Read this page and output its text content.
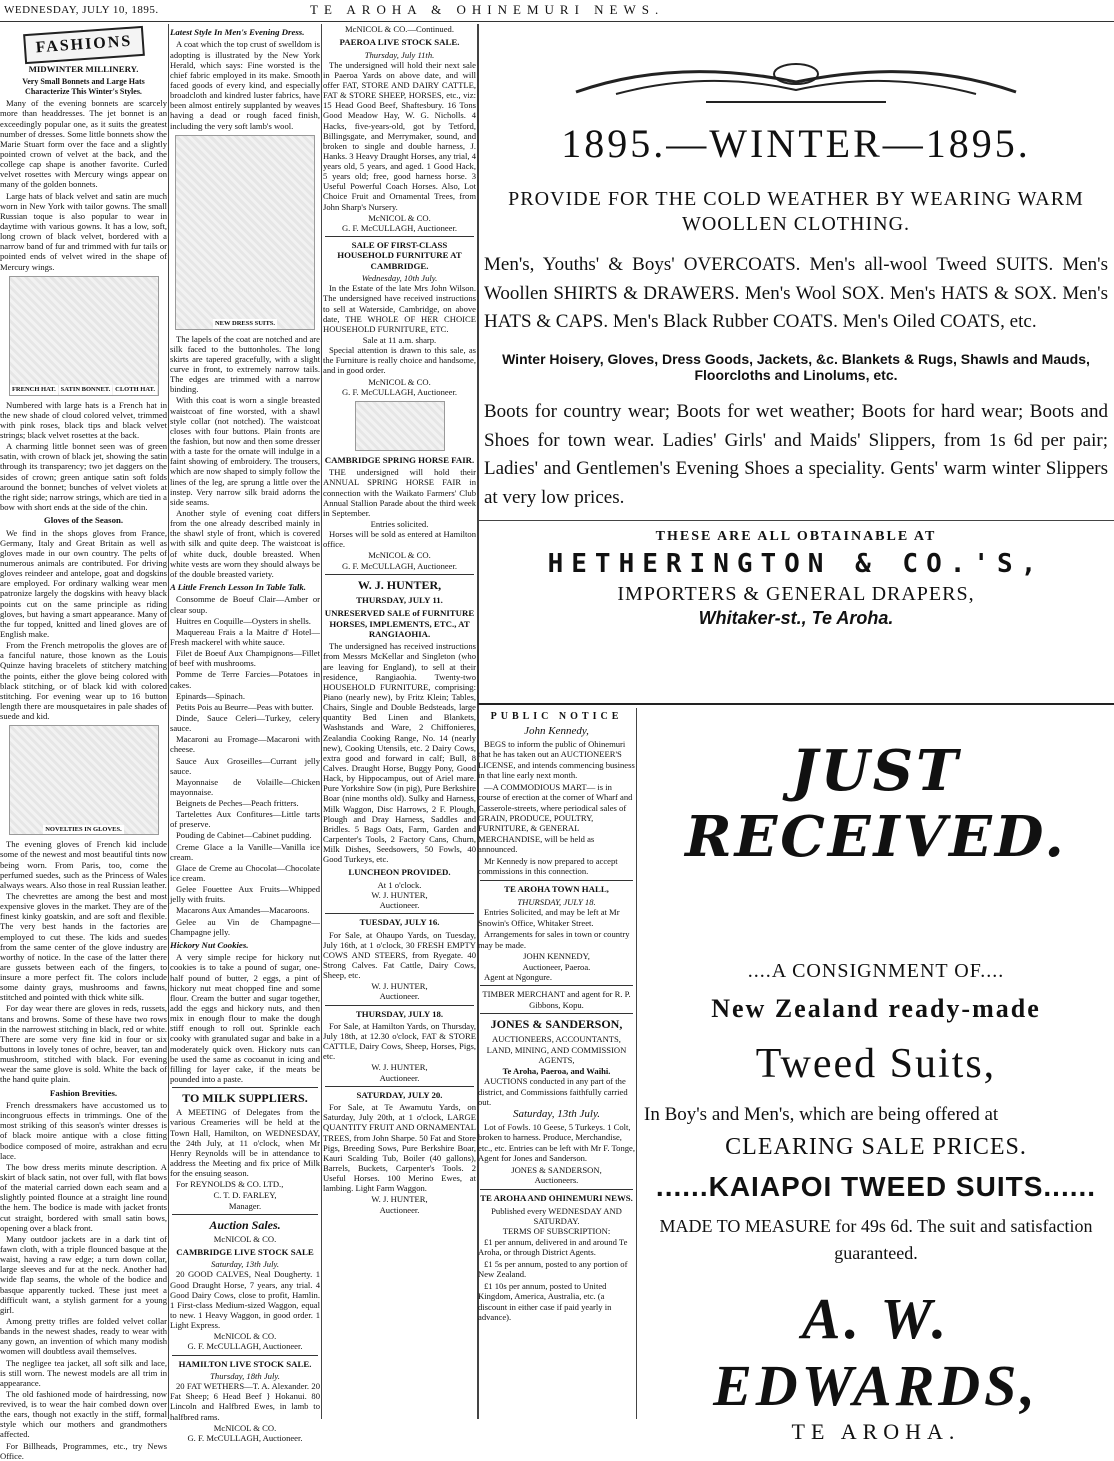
WEDNESDAY, JULY 10, 1895.	TE AROHA & OHINEMURI NEWS.
FASHIONS
MIDWINTER MILLINERY.
Very Small Bonnets and Large Hats Characterize This Winter's Styles.
Many of the evening bonnets are scarcely more than headdresses. The jet bonnet is an exceedingly popular one, as it suits the greatest number of dresses. Some little bonnets show the Marie Stuart form over the face and a slightly pointed crown of velvet at the back, and the college cap shape is another favorite. Curled velvet rosettes with Mercury wings appear on many of the golden bonnets.
Large hats of black velvet and satin are much worn in New York with tailor gowns. The small Russian toque is also popular to wear in daytime with various gowns. It has a low, soft, long crown of black velvet, bordered with a narrow band of fur and trimmed with fur tails or pointed ends of velvet wired in the shape of Mercury wings.
FRENCH HAT. SATIN BONNET. CLOTH HAT.
Numbered with large hats is a French hat in the new shade of cloud colored velvet, trimmed with pink roses, black tips and black velvet strings; black velvet rosettes at the back.
A charming little bonnet seen was of green satin, with crown of black jet, showing the satin through its transparency; two jet daggers on the sides of crown; green antique satin soft folds around the bonnet; bunches of velvet violets at the right side; narrow strings, which are tied in a bow with short ends at the side of the chin.
Gloves of the Season.
We find in the shops gloves from France, Germany, Italy and Great Britain as well as gloves made in our own country. The pelts of numerous animals are contributed. For driving gloves reindeer and antelope, goat and dogskins are employed. For ordinary walking wear men patronize largely the dogskins with heavy black points cut on the same principle as riding gloves, but having a smart appearance. Many of the fur topped, knitted and lined gloves are of English make.
From the French metropolis the gloves are of a fanciful nature, those known as the Louis Quinze having bracelets of stitchery matching the points, either the glove being colored with black stitching, or of black kid with colored stitching. For evening wear up to 16 button length there are mousquetaires in pale shades of suede and kid.
NOVELTIES IN GLOVES.
The evening gloves of French kid include some of the newest and most beautiful tints now being worn. From Paris, too, come the perfumed suedes, such as the Princess of Wales always wears. Also those in real Russian leather.
The chevrettes are among the best and most expensive gloves in the market. They are of the finest kinky goatskin, and are soft and flexible. The very best hands in the factories are employed to cut these. The kids and suedes from the same center of the glove industry are worthy of notice. In the case of the latter there are gussets between each of the fingers, to insure a more perfect fit. The colors include some dainty grays, mushrooms and fawns, stitched and pointed with thick white silk.
For day wear there are gloves in reds, russets, tans and browns. Some of these have two rows in the narrowest stitching in black, red or white. There are some very fine kid in four or six buttons in lovely tones of ochre, beaver, tan and mushroom, stitched with black. For evening wear the same glove is sold. White the back of the hand quite plain.
Fashion Brevities.
French dressmakers have accustomed us to incongruous effects in trimmings. One of the most striking of this season's winter dresses is of black moire antique with a close fitting bodice composed of moire, astrakhan and ecru lace.
The bow dress merits minute description. A skirt of black satin, not over full, with flat bows of the material carried down each seam and a slightly pointed flounce at a straight line round the hem. The bodice is made with jacket fronts cut straight, bordered with small satin bows, opening over a black front.
Many outdoor jackets are in a dark tint of fawn cloth, with a triple flounced basque at the waist, having a raw edge; a turn down collar, large sleeves and fur at the neck. Another had wide flap seams, the whole of the bodice and basque apparently tucked. These just meet a difficult want, a stylish garment for a young girl.
Among pretty trifles are folded velvet collar bands in the newest shades, ready to wear with any gown, an invention of which many modish women will doubtless avail themselves.
The negligee tea jacket, all soft silk and lace, is still worn. The newest models are all trim in appearance.
The old fashioned mode of hairdressing, now revived, is to wear the hair combed down over the ears, though not exactly in the stiff, formal style which our mothers and grandmothers affected.
For Billheads, Programmes, etc., try News Office.
Latest Style In Men's Evening Dress.
A coat which the top crust of swelldom is adopting is illustrated by the New York Herald, which says: Fine worsted is the chief fabric employed in its make. Smooth faced goods of every kind, and especially broadcloth and kindred luster fabrics, have been almost entirely supplanted by weaves having a dead or rough faced finish, including the very soft lamb's wool.
NEW DRESS SUITS.
The lapels of the coat are notched and are silk faced to the buttonholes. The long skirts are tapered gracefully, with a slight curve in front, to extremely narrow tails. The edges are trimmed with a narrow binding.
With this coat is worn a single breasted waistcoat of fine worsted, with a shawl style collar (not notched). The waistcoat closes with four buttons. Plain fronts are the fashion, but now and then some dresser with a taste for the ornate will indulge in a faint showing of embroidery. The trousers, which are now shaped to simply follow the lines of the leg, are sprung a little over the instep. Very narrow silk braid adorns the side seams.
Another style of evening coat differs from the one already described mainly in the shawl style of front, which is covered with silk and quite deep. The waistcoat is of white duck, double breasted. When white vests are worn they should always be of the double breasted variety.
A Little French Lesson In Table Talk.
Consomme de Boeuf Clair—Amber or clear soup.
Huitres en Coquille—Oysters in shells.
Maquereau Frais a la Maitre d' Hotel—Fresh mackerel with white sauce.
Filet de Boeuf Aux Champignons—Fillet of beef with mushrooms.
Pomme de Terre Farcies—Potatoes in cakes.
Epinards—Spinach.
Petits Pois au Beurre—Peas with butter.
Dinde, Sauce Celeri—Turkey, celery sauce.
Macaroni au Fromage—Macaroni with cheese.
Sauce Aux Groseilles—Currant jelly sauce.
Mayonnaise de Volaille—Chicken mayonnaise.
Beignets de Peches—Peach fritters.
Tartelettes Aux Confitures—Little tarts of preserve.
Pouding de Cabinet—Cabinet pudding.
Creme Glace a la Vanille—Vanilla ice cream.
Glace de Creme au Chocolat—Chocolate ice cream.
Gelee Fouettee Aux Fruits—Whipped jelly with fruits.
Macarons Aux Amandes—Macaroons.
Gelee au Vin de Champagne—Champagne jelly.
Hickory Nut Cookies.
A very simple recipe for hickory nut cookies is to take a pound of sugar, one-half pound of butter, 2 eggs, a pint of hickory nut meat chopped fine and some flour. Cream the butter and sugar together, add the eggs and hickory nuts, and then mix in enough flour to make the dough stiff enough to roll out. Sprinkle each cooky with granulated sugar and bake in a moderately quick oven. Hickory nuts can be used the same as cocoanut in icing and filling for layer cake, if the meats be pounded into a paste.
TO MILK SUPPLIERS.
A MEETING of Delegates from the various Creameries will be held at the Town Hall, Hamilton, on WEDNESDAY, the 24th July, at 11 o'clock, when Mr Henry Reynolds will be in attendance to address the Meeting and fix price of Milk for the ensuing season.
For REYNOLDS & CO. LTD.,
C. T. D. FARLEY,
Manager.
Auction Sales.
McNICOL & CO.
CAMBRIDGE LIVE STOCK SALE
Saturday, 13th July.
20 GOOD CALVES, Neal Dougherty. 1 Good Draught Horse, 7 years, any trial. 4 Good Dairy Cows, close to profit, Hamlin. 1 First-class Medium-sized Waggon, equal to new. 1 Heavy Waggon, in good order. 1 Light Express.
McNICOL & CO.
G. F. McCULLAGH, Auctioneer.
HAMILTON LIVE STOCK SALE.
Thursday, 18th July.
20 FAT WETHERS—T. A. Alexander. 20 Fat Sheep; 6 Head Beef } Hokanui. 80 Lincoln and Halfbred Ewes, in lamb to halfbred rams.
McNICOL & CO.
G. F. McCULLAGH, Auctioneer.
McNICOL & CO.—Continued.
PAEROA LIVE STOCK SALE.
Thursday, July 11th.
The undersigned will hold their next sale in Paeroa Yards on above date, and will offer FAT, STORE AND DAIRY CATTLE, FAT & STORE SHEEP, HORSES, etc., viz: 15 Head Good Beef, Shaftesbury. 16 Tons Good Meadow Hay, W. G. Nicholls. 4 Hacks, five-years-old, got by Tetford, Billingsgate, and Merrymaker, sound, and broken to single and double harness, J. Hanks. 3 Heavy Draught Horses, any trial, 4 years old, 5 years, and aged. 1 Good Hack, 5 years old; free, good harness horse. 3 Useful Powerful Coach Horses. Also, Lot Choice Fruit and Ornamental Trees, from John Sharp's Nursery.
McNICOL & CO.
G. F. McCULLAGH, Auctioneer.
SALE OF FIRST-CLASS HOUSEHOLD FURNITURE AT CAMBRIDGE.
Wednesday, 10th July.
In the Estate of the late Mrs John Wilson. The undersigned have received instructions to sell at Waterside, Cambridge, on above date, THE WHOLE OF HER CHOICE HOUSEHOLD FURNITURE, ETC.
Sale at 11 a.m. sharp.
Special attention is drawn to this sale, as the Furniture is really choice and handsome, and in good order.
McNICOL & CO.
G. F. McCULLAGH, Auctioneer.
CAMBRIDGE SPRING HORSE FAIR.
THE undersigned will hold their ANNUAL SPRING HORSE FAIR in connection with the Waikato Farmers' Club Annual Stallion Parade about the third week in September.
Entries solicited.
Horses will be sold as entered at Hamilton office.
McNICOL & CO.
G. F. McCULLAGH, Auctioneer.
W. J. HUNTER,
THURSDAY, JULY 11.
UNRESERVED SALE of FURNITURE HORSES, IMPLEMENTS, ETC., AT RANGIAOHIA.
The undersigned has received instructions from Messrs McKellar and Singleton (who are leaving for England), to sell at their residence, Rangiaohia. Twenty-two HOUSEHOLD FURNITURE, comprising: Piano (nearly new), by Fritz Klein; Tables, Chairs, Single and Double Bedsteads, large quantity Bed Linen and Blankets, Washstands and Ware, 2 Chiffonieres, Zealandia Cooking Range, No. 14 (nearly new), Cooking Utensils, etc. 2 Dairy Cows, extra good and forward in calf; Bull, 8 Calves. Draught Horse, Buggy Pony, Good Hack, by Hippocampus, out of Ariel mare. Pure Yorkshire Sow (in pig), Pure Berkshire Boar (nine months old). Sulky and Harness, Milk Waggon, Disc Harrows, 2 F. Plough, Plough and Dray Harness, Saddles and Bridles. 5 Bags Oats, Farm, Garden and Carpenter's Tools, 2 Factory Cans, Churn, Milk Dishes, Seedsowers, 50 Fowls, 40 Good Turkeys, etc.
LUNCHEON PROVIDED.
At 1 o'clock.
W. J. HUNTER,
Auctioneer.
TUESDAY, JULY 16.
For Sale, at Ohaupo Yards, on Tuesday, July 16th, at 1 o'clock, 30 FRESH EMPTY COWS AND STEERS, from Ryegate. 40 Strong Calves. Fat Cattle, Dairy Cows, Sheep, etc.
W. J. HUNTER,
Auctioneer.
THURSDAY, JULY 18.
For Sale, at Hamilton Yards, on Thursday, July 18th, at 12.30 o'clock, FAT & STORE CATTLE, Dairy Cows, Sheep, Horses, Pigs, etc.
W. J. HUNTER,
Auctioneer.
SATURDAY, JULY 20.
For Sale, at Te Awamutu Yards, on Saturday, July 20th, at 1 o'clock, LARGE QUANTITY FRUIT AND ORNAMENTAL TREES, from John Sharpe. 50 Fat and Store Pigs, Breeding Sows, Pure Berkshire Boar, Kauri Scalding Tub, Boiler (40 gallons), Barrels, Buckets, Carpenter's Tools. 2 Useful Horses. 100 Merino Ewes, at lambing. Light Farm Waggon.
W. J. HUNTER,
Auctioneer.
1895.—WINTER—1895.
PROVIDE FOR THE COLD WEATHER BY WEARING WARM WOOLLEN CLOTHING.
Men's, Youths' & Boys' OVERCOATS. Men's all-wool Tweed SUITS. Men's Woollen SHIRTS & DRAWERS. Men's Wool SOX. Men's HATS & SOX. Men's HATS & CAPS. Men's Black Rubber COATS. Men's Oiled COATS, etc.
Winter Hoisery, Gloves, Dress Goods, Jackets, &c. Blankets & Rugs, Shawls and Mauds, Floorcloths and Linolums, etc.
Boots for country wear; Boots for wet weather; Boots for hard wear; Boots and Shoes for town wear. Ladies' Girls' and Maids' Slippers, from 1s 6d per pair; Ladies' and Gentlemen's Evening Shoes a speciality. Gents' warm winter Slippers at very low prices.
THESE ARE ALL OBTAINABLE AT
HETHERINGTON & CO.'S,
IMPORTERS & GENERAL DRAPERS,
Whitaker-st., Te Aroha.
PUBLIC NOTICE
John Kennedy,
BEGS to inform the public of Ohinemuri that he has taken out an AUCTIONEER'S LICENSE, and intends commencing business in that line early next month.
—A COMMODIOUS MART— is in course of erection at the corner of Wharf and Casserole-streets, where periodical sales of GRAIN, PRODUCE, POULTRY, FURNITURE, & GENERAL MERCHANDISE, will be held as announced.
Mr Kennedy is now prepared to accept commissions in this connection.
TE AROHA TOWN HALL,
THURSDAY, JULY 18.
Entries Solicited, and may be left at Mr Snowin's Office, Whitaker Street.
Arrangements for sales in town or country may be made.
JOHN KENNEDY,
Auctioneer, Paeroa.
Agent at Ngongure.
TIMBER MERCHANT and agent for R. P. Gibbons, Kopu.
JONES & SANDERSON,
AUCTIONEERS, ACCOUNTANTS, LAND, MINING, AND COMMISSION AGENTS,
Te Aroha, Paeroa, and Waihi.
AUCTIONS conducted in any part of the district, and Commissions faithfully carried out.
Saturday, 13th July.
Lot of Fowls. 10 Geese, 5 Turkeys. 1 Colt, broken to harness. Produce, Merchandise, etc., etc. Entries can be left with Mr F. Tonge, Agent for Jones and Sanderson.
JONES & SANDERSON,
Auctioneers.
TE AROHA AND OHINEMURI NEWS.
Published every WEDNESDAY AND SATURDAY.
TERMS OF SUBSCRIPTION:
£1 per annum, delivered in and around Te Aroha, or through District Agents.
£1 5s per annum, posted to any portion of New Zealand.
£1 10s per annum, posted to United Kingdom, America, Australia, etc. (a discount in either case if paid yearly in advance).
JUST RECEIVED.
....A CONSIGNMENT OF....
New Zealand ready-made
Tweed Suits,
In Boy's and Men's, which are being offered at
CLEARING SALE PRICES.
......KAIAPOI TWEED SUITS......
MADE TO MEASURE for 49s 6d. The suit and satisfaction guaranteed.
A. W. EDWARDS,
TE AROHA.
